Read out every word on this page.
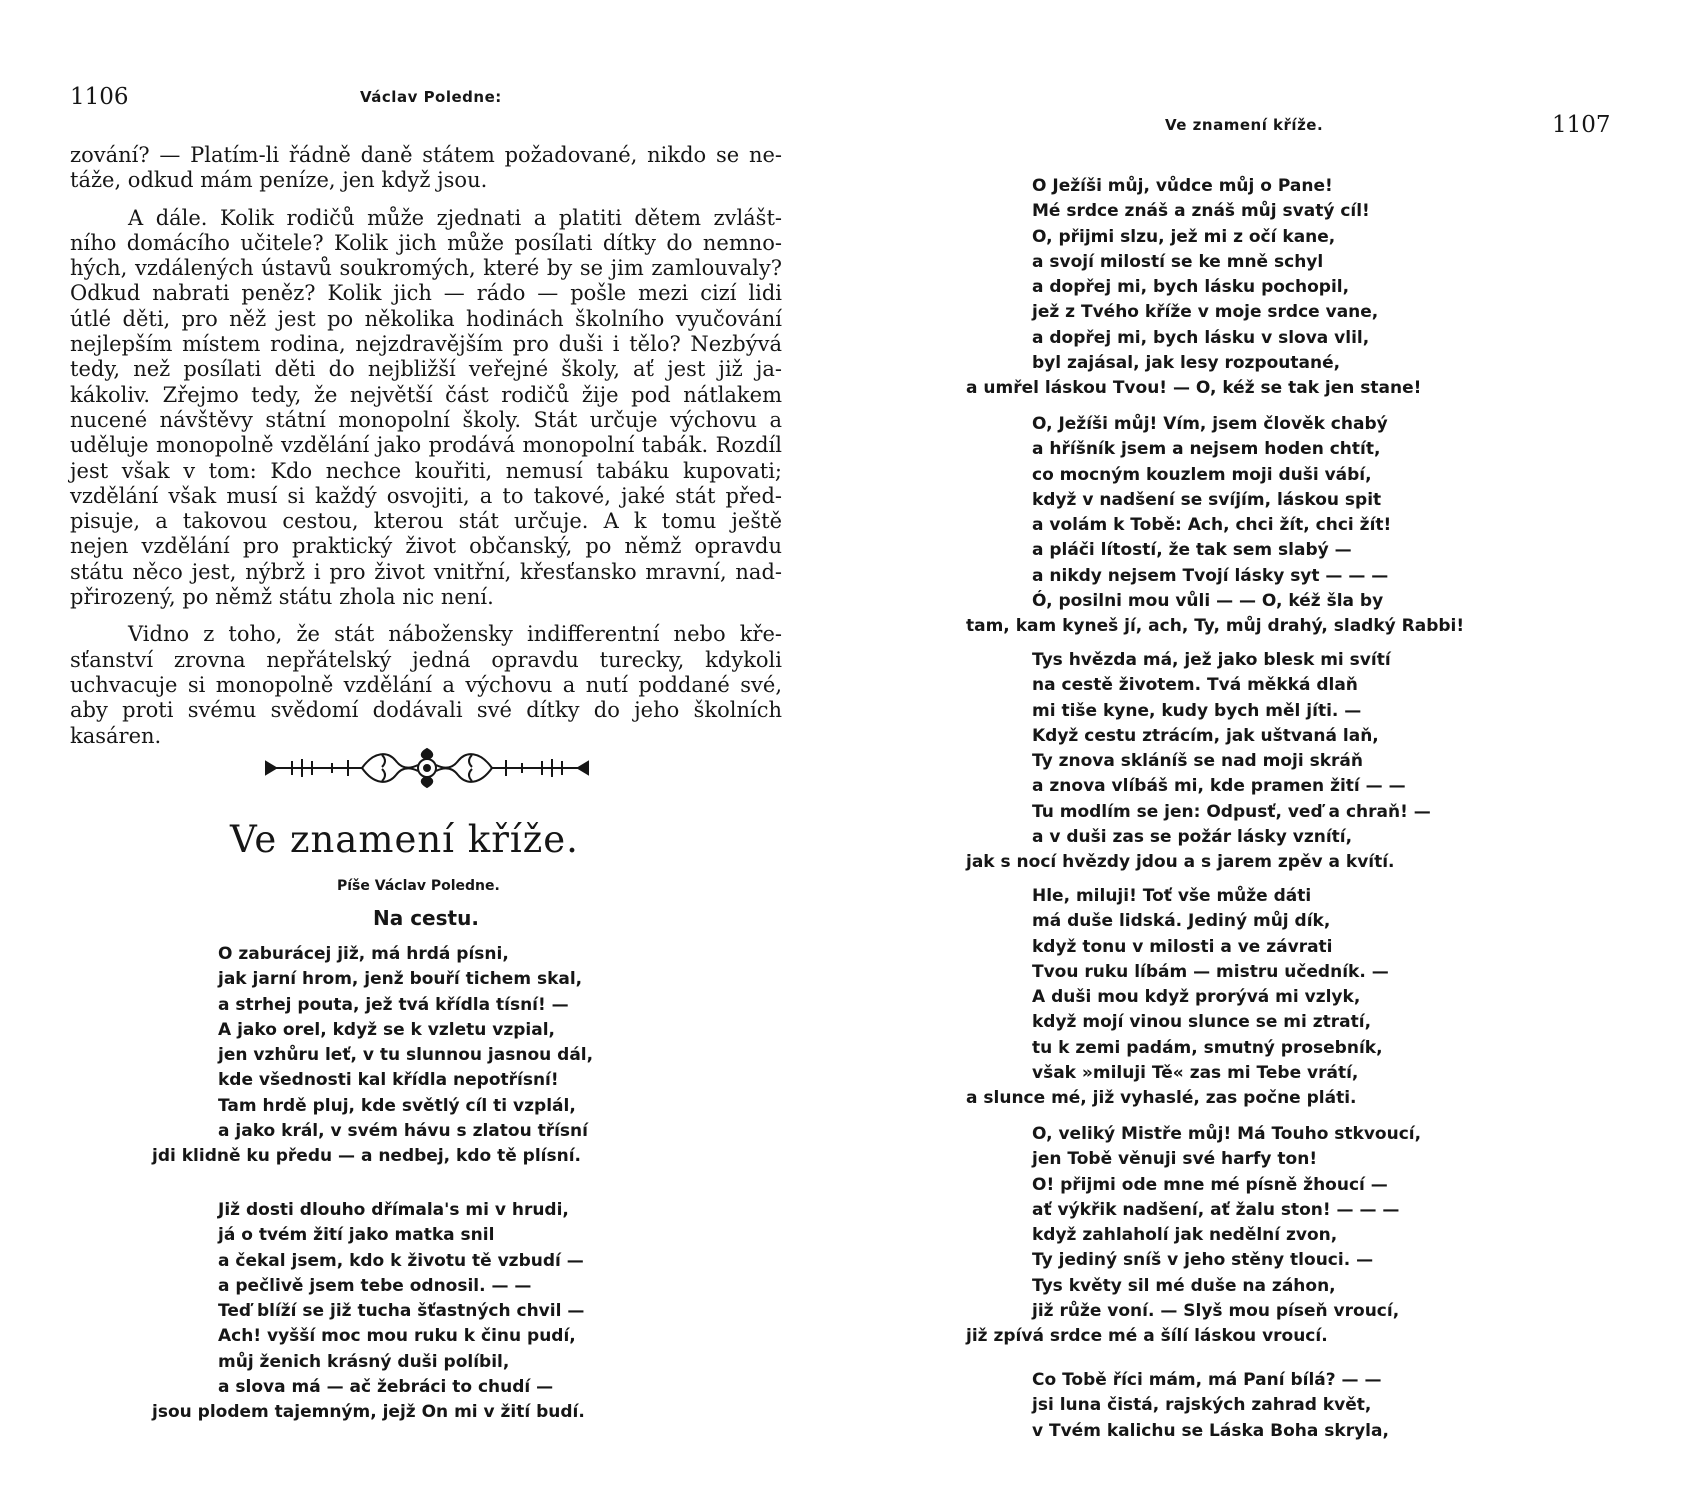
1106	Václav Poledne:
zování? — Platím-li řádně daně státem požadované, nikdo se ne-
táže, odkud mám peníze, jen když jsou.
A dále. Kolik rodičů může zjednati a platiti dětem zvlášt-
ního domácího učitele? Kolik jich může posílati dítky do nemno-
hých, vzdálených ústavů soukromých, které by se jim zamlouvaly?
Odkud nabrati peněz? Kolik jich — rádo — pošle mezi cizí lidi
útlé děti, pro něž jest po několika hodinách školního vyučování
nejlepším místem rodina, nejzdravějším pro duši i tělo? Nezbývá
tedy, než posílati děti do nejbližší veřejné školy, ať jest již ja-
kákoliv. Zřejmo tedy, že největší část rodičů žije pod nátlakem
nucené návštěvy státní monopolní školy. Stát určuje výchovu a
uděluje monopolně vzdělání jako prodává monopolní tabák. Rozdíl
jest však v tom: Kdo nechce kouřiti, nemusí tabáku kupovati;
vzdělání však musí si každý osvojiti, a to takové, jaké stát před-
pisuje, a takovou cestou, kterou stát určuje. A k tomu ještě
nejen vzdělání pro praktický život občanský, po němž opravdu
státu něco jest, nýbrž i pro život vnitřní, křesťansko mravní, nad-
přirozený, po němž státu zhola nic není.
Vidno z toho, že stát nábožensky indifferentní nebo kře-
sťanství zrovna nepřátelský jedná opravdu turecky, kdykoli
uchvacuje si monopolně vzdělání a výchovu a nutí poddané své,
aby proti svému svědomí dodávali své dítky do jeho školních
kasáren.
Ve znamení kříže.
Píše Václav Poledne.
Na cestu.
O zaburácej již, má hrdá písni,
jak jarní hrom, jenž bouří tichem skal,
a strhej pouta, jež tvá křídla tísní! —
A jako orel, když se k vzletu vzpial,
jen vzhůru leť, v tu slunnou jasnou dál,
kde všednosti kal křídla nepotřísní!
Tam hrdě pluj, kde světlý cíl ti vzplál,
a jako král, v svém hávu s zlatou třísní
jdi klidně ku předu — a nedbej, kdo tě plísní.
Již dosti dlouho dřímala's mi v hrudi,
já o tvém žití jako matka snil
a čekal jsem, kdo k životu tě vzbudí —
a pečlivě jsem tebe odnosil. — —
Teď blíží se již tucha šťastných chvil —
Ach! vyšší moc mou ruku k činu pudí,
můj ženich krásný duši políbil,
a slova má — ač žebráci to chudí —
jsou plodem tajemným, jejž On mi v žití budí.
Ve znamení kříže.	1107
O Ježíši můj, vůdce můj o Pane!
Mé srdce znáš a znáš můj svatý cíl!
O, přijmi slzu, jež mi z očí kane,
a svojí milostí se ke mně schyl
a dopřej mi, bych lásku pochopil,
jež z Tvého kříže v moje srdce vane,
a dopřej mi, bych lásku v slova vlil,
byl zajásal, jak lesy rozpoutané,
a umřel láskou Tvou! — O, kéž se tak jen stane!
O, Ježíši můj! Vím, jsem člověk chabý
a hříšník jsem a nejsem hoden chtít,
co mocným kouzlem moji duši vábí,
když v nadšení se svíjím, láskou spit
a volám k Tobě: Ach, chci žít, chci žít!
a pláči lítostí, že tak sem slabý —
a nikdy nejsem Tvojí lásky syt — — —
Ó, posilni mou vůli — — O, kéž šla by
tam, kam kyneš jí, ach, Ty, můj drahý, sladký Rabbi!
Tys hvězda má, jež jako blesk mi svítí
na cestě životem. Tvá měkká dlaň
mi tiše kyne, kudy bych měl jíti. —
Když cestu ztrácím, jak uštvaná laň,
Ty znova skláníš se nad moji skráň
a znova vlíbáš mi, kde pramen žití — —
Tu modlím se jen: Odpusť, veď a chraň! —
a v duši zas se požár lásky vznítí,
jak s nocí hvězdy jdou a s jarem zpěv a kvítí.
Hle, miluji! Toť vše může dáti
má duše lidská. Jediný můj dík,
když tonu v milosti a ve závrati
Tvou ruku líbám — mistru učedník. —
A duši mou když prorývá mi vzlyk,
když mojí vinou slunce se mi ztratí,
tu k zemi padám, smutný prosebník,
však »miluji Tě« zas mi Tebe vrátí,
a slunce mé, již vyhaslé, zas počne pláti.
O, veliký Mistře můj! Má Touho stkvoucí,
jen Tobě věnuji své harfy ton!
O! přijmi ode mne mé písně žhoucí —
ať výkřik nadšení, ať žalu ston! — — —
když zahlaholí jak nedělní zvon,
Ty jediný sníš v jeho stěny tlouci. —
Tys květy sil mé duše na záhon,
již růže voní. — Slyš mou píseň vroucí,
již zpívá srdce mé a šílí láskou vroucí.
Co Tobě říci mám, má Paní bílá? — —
jsi luna čistá, rajských zahrad květ,
v Tvém kalichu se Láska Boha skryla,
